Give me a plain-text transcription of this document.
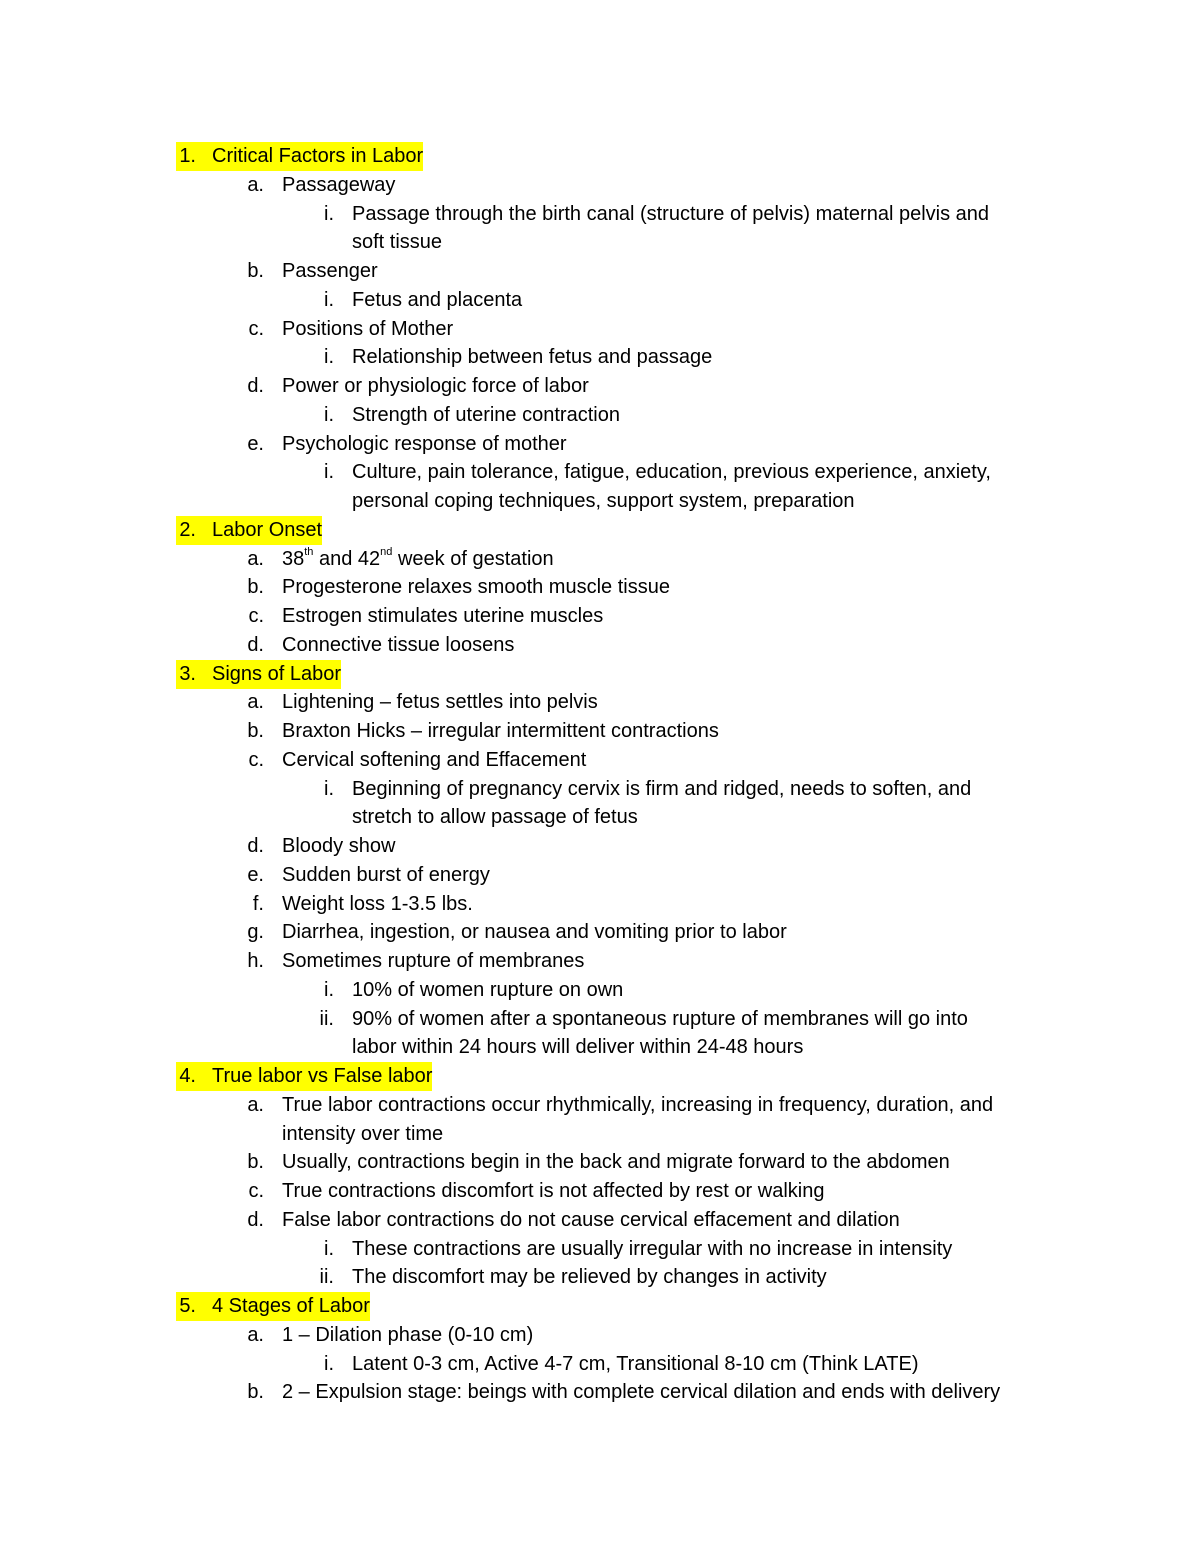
1. Critical Factors in Labor
a. Passageway
i. Passage through the birth canal (structure of pelvis) maternal pelvis and
soft tissue
b. Passenger
i. Fetus and placenta
c. Positions of Mother
i. Relationship between fetus and passage
d. Power or physiologic force of labor
i. Strength of uterine contraction
e. Psychologic response of mother
i. Culture, pain tolerance, fatigue, education, previous experience, anxiety,
personal coping techniques, support system, preparation
2. Labor Onset
a. 38th and 42nd week of gestation
b. Progesterone relaxes smooth muscle tissue
c. Estrogen stimulates uterine muscles
d. Connective tissue loosens
3. Signs of Labor
a. Lightening – fetus settles into pelvis
b. Braxton Hicks – irregular intermittent contractions
c. Cervical softening and Effacement
i. Beginning of pregnancy cervix is firm and ridged, needs to soften, and
stretch to allow passage of fetus
d. Bloody show
e. Sudden burst of energy
f. Weight loss 1-3.5 lbs.
g. Diarrhea, ingestion, or nausea and vomiting prior to labor
h. Sometimes rupture of membranes
i. 10% of women rupture on own
ii. 90% of women after a spontaneous rupture of membranes will go into
labor within 24 hours will deliver within 24-48 hours
4. True labor vs False labor
a. True labor contractions occur rhythmically, increasing in frequency, duration, and
intensity over time
b. Usually, contractions begin in the back and migrate forward to the abdomen
c. True contractions discomfort is not affected by rest or walking
d. False labor contractions do not cause cervical effacement and dilation
i. These contractions are usually irregular with no increase in intensity
ii. The discomfort may be relieved by changes in activity
5. 4 Stages of Labor
a. 1 – Dilation phase (0-10 cm)
i. Latent 0-3 cm, Active 4-7 cm, Transitional 8-10 cm (Think LATE)
b. 2 – Expulsion stage: beings with complete cervical dilation and ends with delivery
